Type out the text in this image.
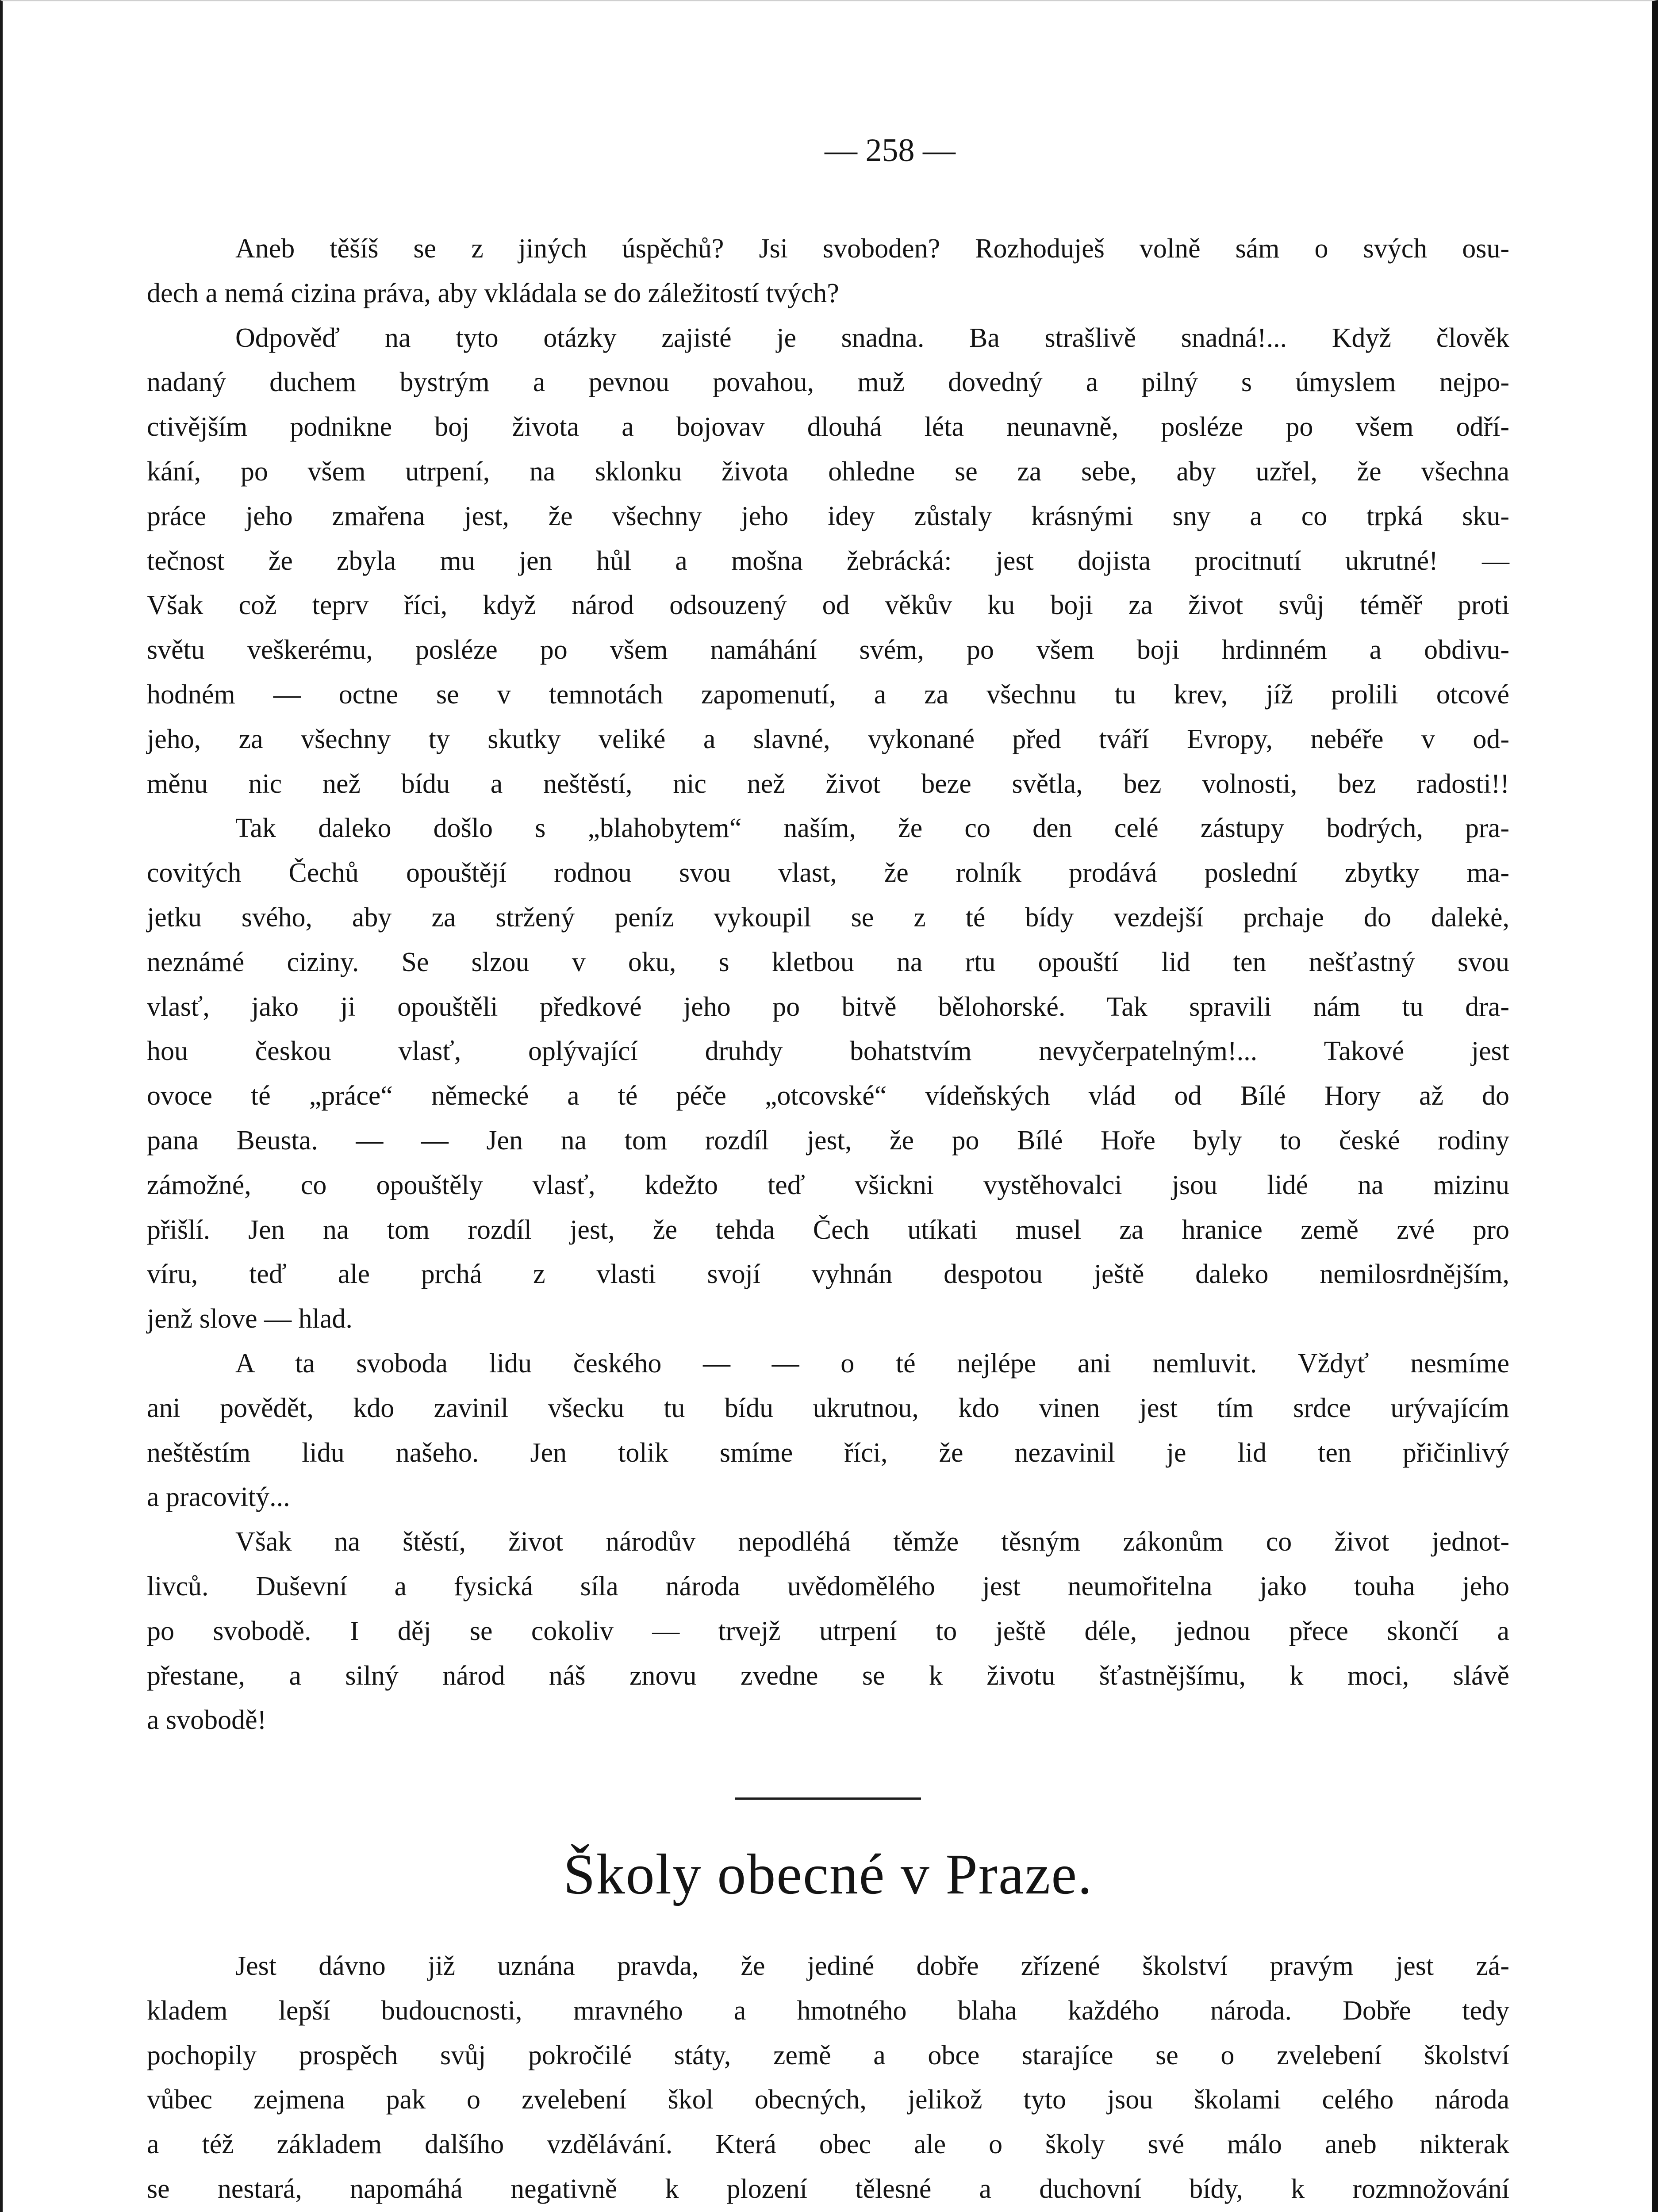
— 258 —

Aneb těšíš se z jiných úspěchů? Jsi svoboden? Rozhoduješ volně sám o svých osu-
dech a nemá cizina práva, aby vkládala se do záležitostí tvých?

Odpověď na tyto otázky zajisté je snadna. Ba strašlivě snadná!... Když člověk
nadaný duchem bystrým a pevnou povahou, muž dovedný a pilný s úmyslem nejpo-
ctivějším podnikne boj života a bojovav dlouhá léta neunavně, posléze po všem odří-
kání, po všem utrpení, na sklonku života ohledne se za sebe, aby uzřel, že všechna
práce jeho zmařena jest, že všechny jeho idey zůstaly krásnými sny a co trpká sku-
tečnost že zbyla mu jen hůl a mošna žebrácká: jest dojista procitnutí ukrutné! —
Však což teprv říci, když národ odsouzený od věkův ku boji za život svůj téměř proti
světu veškerému, posléze po všem namáhání svém, po všem boji hrdinném a obdivu-
hodném — octne se v temnotách zapomenutí, a za všechnu tu krev, jíž prolili otcové
jeho, za všechny ty skutky veliké a slavné, vykonané před tváří Evropy, nebéře v od-
měnu nic než bídu a neštěstí, nic než život beze světla, bez volnosti, bez radosti!!

Tak daleko došlo s „blahobytem“ naším, že co den celé zástupy bodrých, pra-
covitých Čechů opouštějí rodnou svou vlast, že rolník prodává poslední zbytky ma-
jetku svého, aby za stržený peníz vykoupil se z té bídy vezdejší prchaje do dalekė,
neznámé ciziny. Se slzou v oku, s kletbou na rtu opouští lid ten nešťastný svou
vlasť, jako ji opouštěli předkové jeho po bitvě bělohorské. Tak spravili nám tu dra-
hou českou vlasť, oplývající druhdy bohatstvím nevyčerpatelným!... Takové jest
ovoce té „práce“ německé a té péče „otcovské“ vídeňských vlád od Bílé Hory až do
pana Beusta. — — Jen na tom rozdíl jest, že po Bílé Hoře byly to české rodiny
zámožné, co opouštěly vlasť, kdežto teď všickni vystěhovalci jsou lidé na mizinu
přišlí. Jen na tom rozdíl jest, že tehda Čech utíkati musel za hranice země zvé pro
víru, teď ale prchá z vlasti svojí vyhnán despotou ještě daleko nemilosrdnějším,
jenž slove — hlad.

A ta svoboda lidu českého — — o té nejlépe ani nemluvit. Vždyť nesmíme
ani povědět, kdo zavinil všecku tu bídu ukrutnou, kdo vinen jest tím srdce urývajícím
neštěstím lidu našeho. Jen tolik smíme říci, že nezavinil je lid ten přičinlivý
a pracovitý...

Však na štěstí, život národův nepodléhá těmže těsným zákonům co život jednot-
livců. Duševní a fysická síla národa uvědomělého jest neumořitelna jako touha jeho
po svobodě. I děj se cokoliv — trvejž utrpení to ještě déle, jednou přece skončí a
přestane, a silný národ náš znovu zvedne se k životu šťastnějšímu, k moci, slávě
a svobodě!

Školy obecné v Praze.

Jest dávno již uznána pravda, že jediné dobře zřízené školství pravým jest zá-
kladem lepší budoucnosti, mravného a hmotného blaha každého národa. Dobře tedy
pochopily prospěch svůj pokročilé státy, země a obce starajíce se o zvelebení školství
vůbec zejmena pak o zvelebení škol obecných, jelikož tyto jsou školami celého národa
a též základem dalšího vzdělávání. Která obec ale o školy své málo aneb nikterak
se nestará, napomáhá negativně k plození tělesné a duchovní bídy, k rozmnožování
